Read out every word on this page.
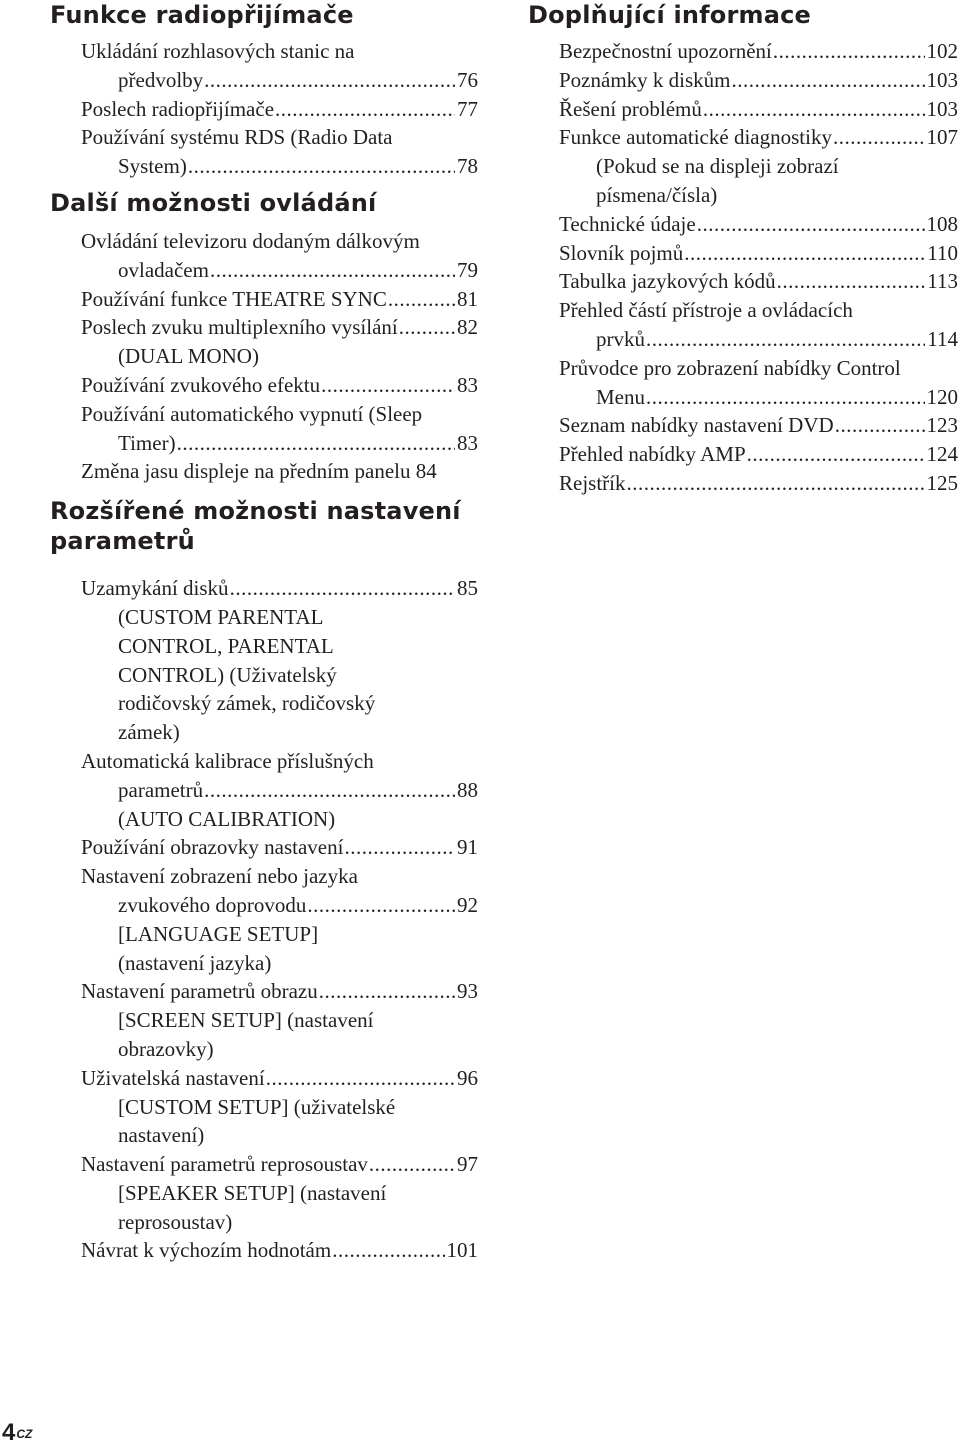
Funkce radiopřijímače
Ukládání rozhlasových stanic na
předvolby .....	76
Poslech radiopřijímače .....	77
Používání systému RDS (Radio Data
System) .....	78
Další možnosti ovládání
Ovládání televizoru dodaným dálkovým
ovladačem .....	79
Používání funkce THEATRE SYNC .....	81
Poslech zvuku multiplexního vysílání .....	82
(DUAL MONO)
Používání zvukového efektu .....	83
Používání automatického vypnutí (Sleep
Timer) .....	83
Změna jasu displeje na předním panelu 84
Rozšířené možnosti nastavení
parametrů
Uzamykání disků .....	85
(CUSTOM PARENTAL
CONTROL, PARENTAL
CONTROL) (Uživatelský
rodičovský zámek, rodičovský
zámek)
Automatická kalibrace příslušných
parametrů .....	88
(AUTO CALIBRATION)
Používání obrazovky nastavení .....	91
Nastavení zobrazení nebo jazyka
zvukového doprovodu .....	92
[LANGUAGE SETUP]
(nastavení jazyka)
Nastavení parametrů obrazu .....	93
[SCREEN SETUP] (nastavení
obrazovky)
Uživatelská nastavení .....	96
[CUSTOM SETUP] (uživatelské
nastavení)
Nastavení parametrů reprosoustav .....	97
[SPEAKER SETUP] (nastavení
reprosoustav)
Návrat k výchozím hodnotám .....	101
Doplňující informace
Bezpečnostní upozornění .....	102
Poznámky k diskům .....	103
Řešení problémů .....	103
Funkce automatické diagnostiky .....	107
(Pokud se na displeji zobrazí
písmena/čísla)
Technické údaje .....	108
Slovník pojmů .....	110
Tabulka jazykových kódů .....	113
Přehled částí přístroje a ovládacích
prvků .....	114
Průvodce pro zobrazení nabídky Control
Menu .....	120
Seznam nabídky nastavení DVD .....	123
Přehled nabídky AMP .....	124
Rejstřík .....	125
4CZ
